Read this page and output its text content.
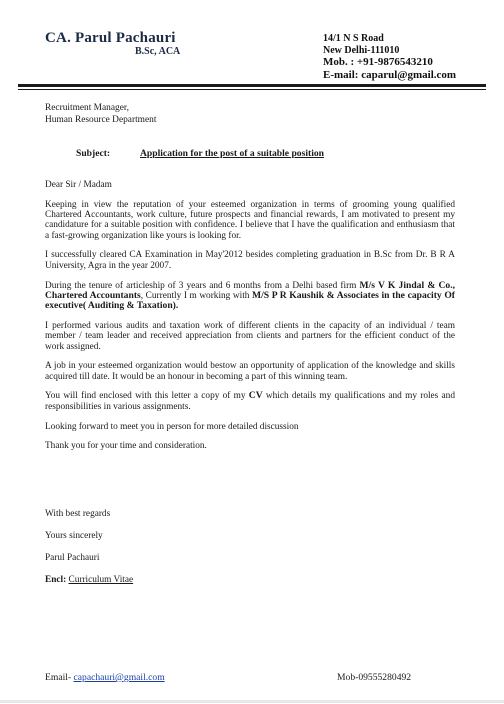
CA. Parul Pachauri
B.Sc, ACA
14/1 N S Road
New Delhi-111010
Mob. : +91-9876543210
E-mail: caparul@gmail.com
Recruitment Manager,
Human Resource Department
Subject:	Application for the post of a suitable position

Dear Sir / Madam

Keeping in view the reputation of your esteemed organization in terms of grooming young qualified Chartered Accountants, work culture, future prospects and financial rewards, I am motivated to present my candidature for a suitable position with confidence. I believe that I have the qualification and enthusiasm that a fast-growing organization like yours is looking for.

I successfully cleared CA Examination in May'2012 besides completing graduation in B.Sc from Dr. B R A University, Agra in the year 2007.

During the tenure of articleship of 3 years and 6 months from a Delhi based firm M/s V K Jindal & Co., Chartered Accountants, Currently I m working with M/S P R Kaushik & Associates in the capacity Of executive( Auditing & Taxation).

I performed various audits and taxation work of different clients in the capacity of an individual / team member / team leader and received appreciation from clients and partners for the efficient conduct of the work assigned.

A job in your esteemed organization would bestow an opportunity of application of the knowledge and skills acquired till date. It would be an honour in becoming a part of this winning team.

You will find enclosed with this letter a copy of my CV which details my qualifications and my roles and responsibilities in various assignments.

Looking forward to meet you in person for more detailed discussion

Thank you for your time and consideration.

With best regards
Yours sincerely
Parul Pachauri
Encl: Curriculum Vitae
Email- capachauri@gmail.com	Mob-09555280492
